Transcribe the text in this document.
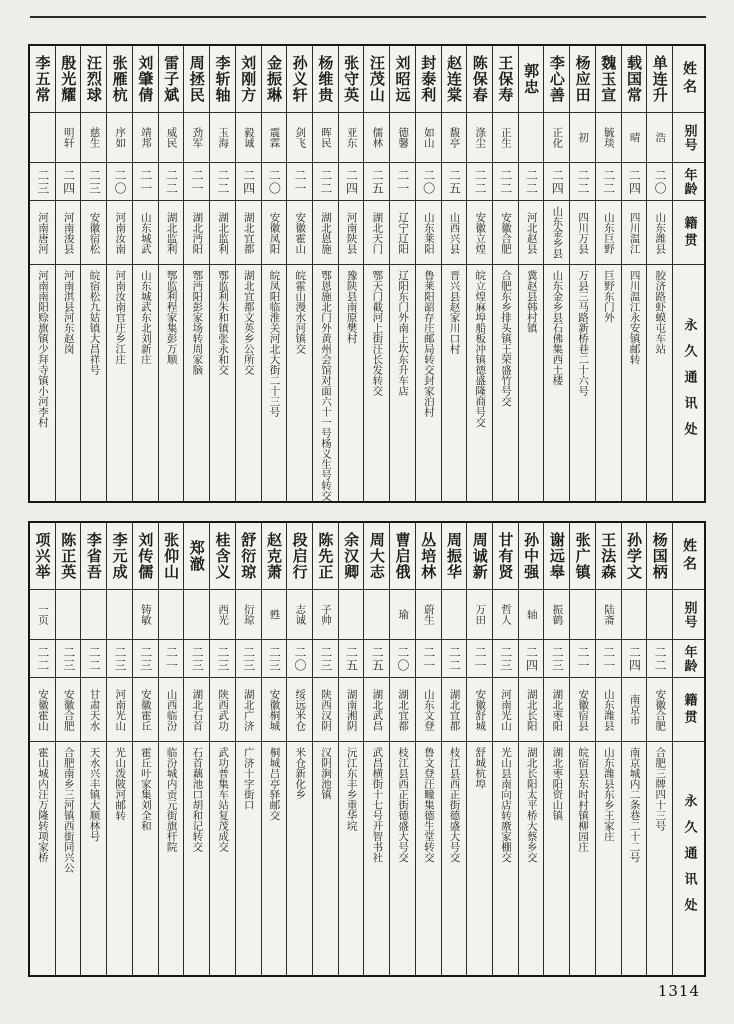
姓名
别号
年龄
籍贯
永久通讯处
单连升
浩
二〇
山东潍县
胶济路虾蟆屯车站
载国常
晴
二四
四川温江
四川温江永安镇邮转
魏玉宣
毓琰
二二
山东巨野
巨野东门外
杨应田
初
二二
四川万县
万县三马路新桥巷二十六号
李心善
正化
二四
山东金乡县
山东金乡县石佛集西土楼
郭忠
二二
河北赵县
冀赵县韩村镇
王保寿
正生
二二
安徽合肥
合肥东乡排头镇王荣盛竹号交
陈保春
涤尘
二二
安徽立煌
皖立煌麻埠船板冲镇德盛隆商号交
赵连棠
馥亭
二五
山西兴县
晋兴县赵家川口村
封泰利
如山
二〇
山东莱阳
鲁莱阳韶存庄邮局转交封家泊村
刘昭远
德馨
二一
辽宁辽阳
辽阳东门外南上坎东升车店
汪茂山
儒林
二五
湖北天门
鄂天门截河上街汪长发转交
张守英
亚东
二四
河南陕县
豫陕县南原樊村
杨维贵
晖民
二二
湖北恩施
鄂恩施北门外黄州会馆对面六十一号杨义生号转交
孙义轩
剑飞
二一
安徽霍山
皖霍山漫水河镇交
金振琳
震霖
二〇
安徽凤阳
皖凤阳临淮关河北大街二十三号
刘刚方
毅诚
二四
湖北宜都
湖北宜都文英乡公所交
李斩轴
玉海
二二
湖北监利
鄂监利朱和镇张永和交
周拯民
劲军
二一
湖北沔阳
鄂沔阳彭家场转周家脑
雷子斌
威民
二二
湖北监利
鄂监利程家集彭万顺
刘肇倩
靖邦
二一
山东城武
山东城武东北刘新庄
张雁杭
序如
二〇
河南汝南
河南汝南官庄乡江庄
汪烈球
慈生
二三
安徽宿松
皖宿松九姑镇大昌祥号
殷光耀
明轩
二四
河南浚县
河南淇县河东赵岗
李五常
二三
河南唐河
河南南阳赊旗镇少拜寺镇小河李村
姓名
别号
年龄
籍贯
永久通讯处
杨国柄
二二
安徽合肥
合肥三牌四十三号
孙学文
二四
南京市
南京城内二条巷二十二号
王法森
陆斋
二一
山东潍县
山东潍县东乡王家庄
张广镇
二一
安徽宿县
皖宿县东时村镇柳园庄
谢远皋
振鹤
二三
湖北枣阳
湖北枣阳资山镇
孙中强
轴
二四
湖北长阳
湖北长阳太平桥大蔡乡交
甘有贤
哲人
二三
河南光山
光山县南向店转廒家棚交
周诚新
万田
二一
安徽舒城
舒城杭埠
周振华
二二
湖北宜都
枝江县西正街德盛大号交
丛培林
蔚生
二一
山东文登
鲁文登汪疃集德生堂转交
曹启俄
瑜
二〇
湖北宜都
枝江县西正街德盛大号交
周大志
二五
湖北武昌
武昌横街十七号开智书社
余汉卿
二五
湖南湘阴
沅江东丰乡重华垸
陈先正
子帅
二三
陕西汉阴
汉阴涧池镇
段启行
志诚
二〇
绥远米仓
米仓新化乡
赵克萧
甦
二三
安徽桐城
桐城吕亭驿邮交
舒衍琼
衍琼
二三
湖北广济
广济十字街口
桂含义
西光
二三
陕西武功
武功普集车站复茂成交
郑澈
二三
湖北石首
石首藕池口胡和记转交
张仰山
二一
山西临汾
临汾城内贡元街旗杆院
刘传儒
铸敏
二三
安徽霍丘
霍丘叶家集刘全和
李元成
二三
河南光山
光山泼陂河邮转
李省吾
二二
甘肃天水
天水兴丰镇大顺林号
陈正英
二三
安徽合肥
合肥南乡三河镇西街同兴公
项兴举
一页
二二
安徽霍山
霍山城内汪万隆转项家桥
1314
